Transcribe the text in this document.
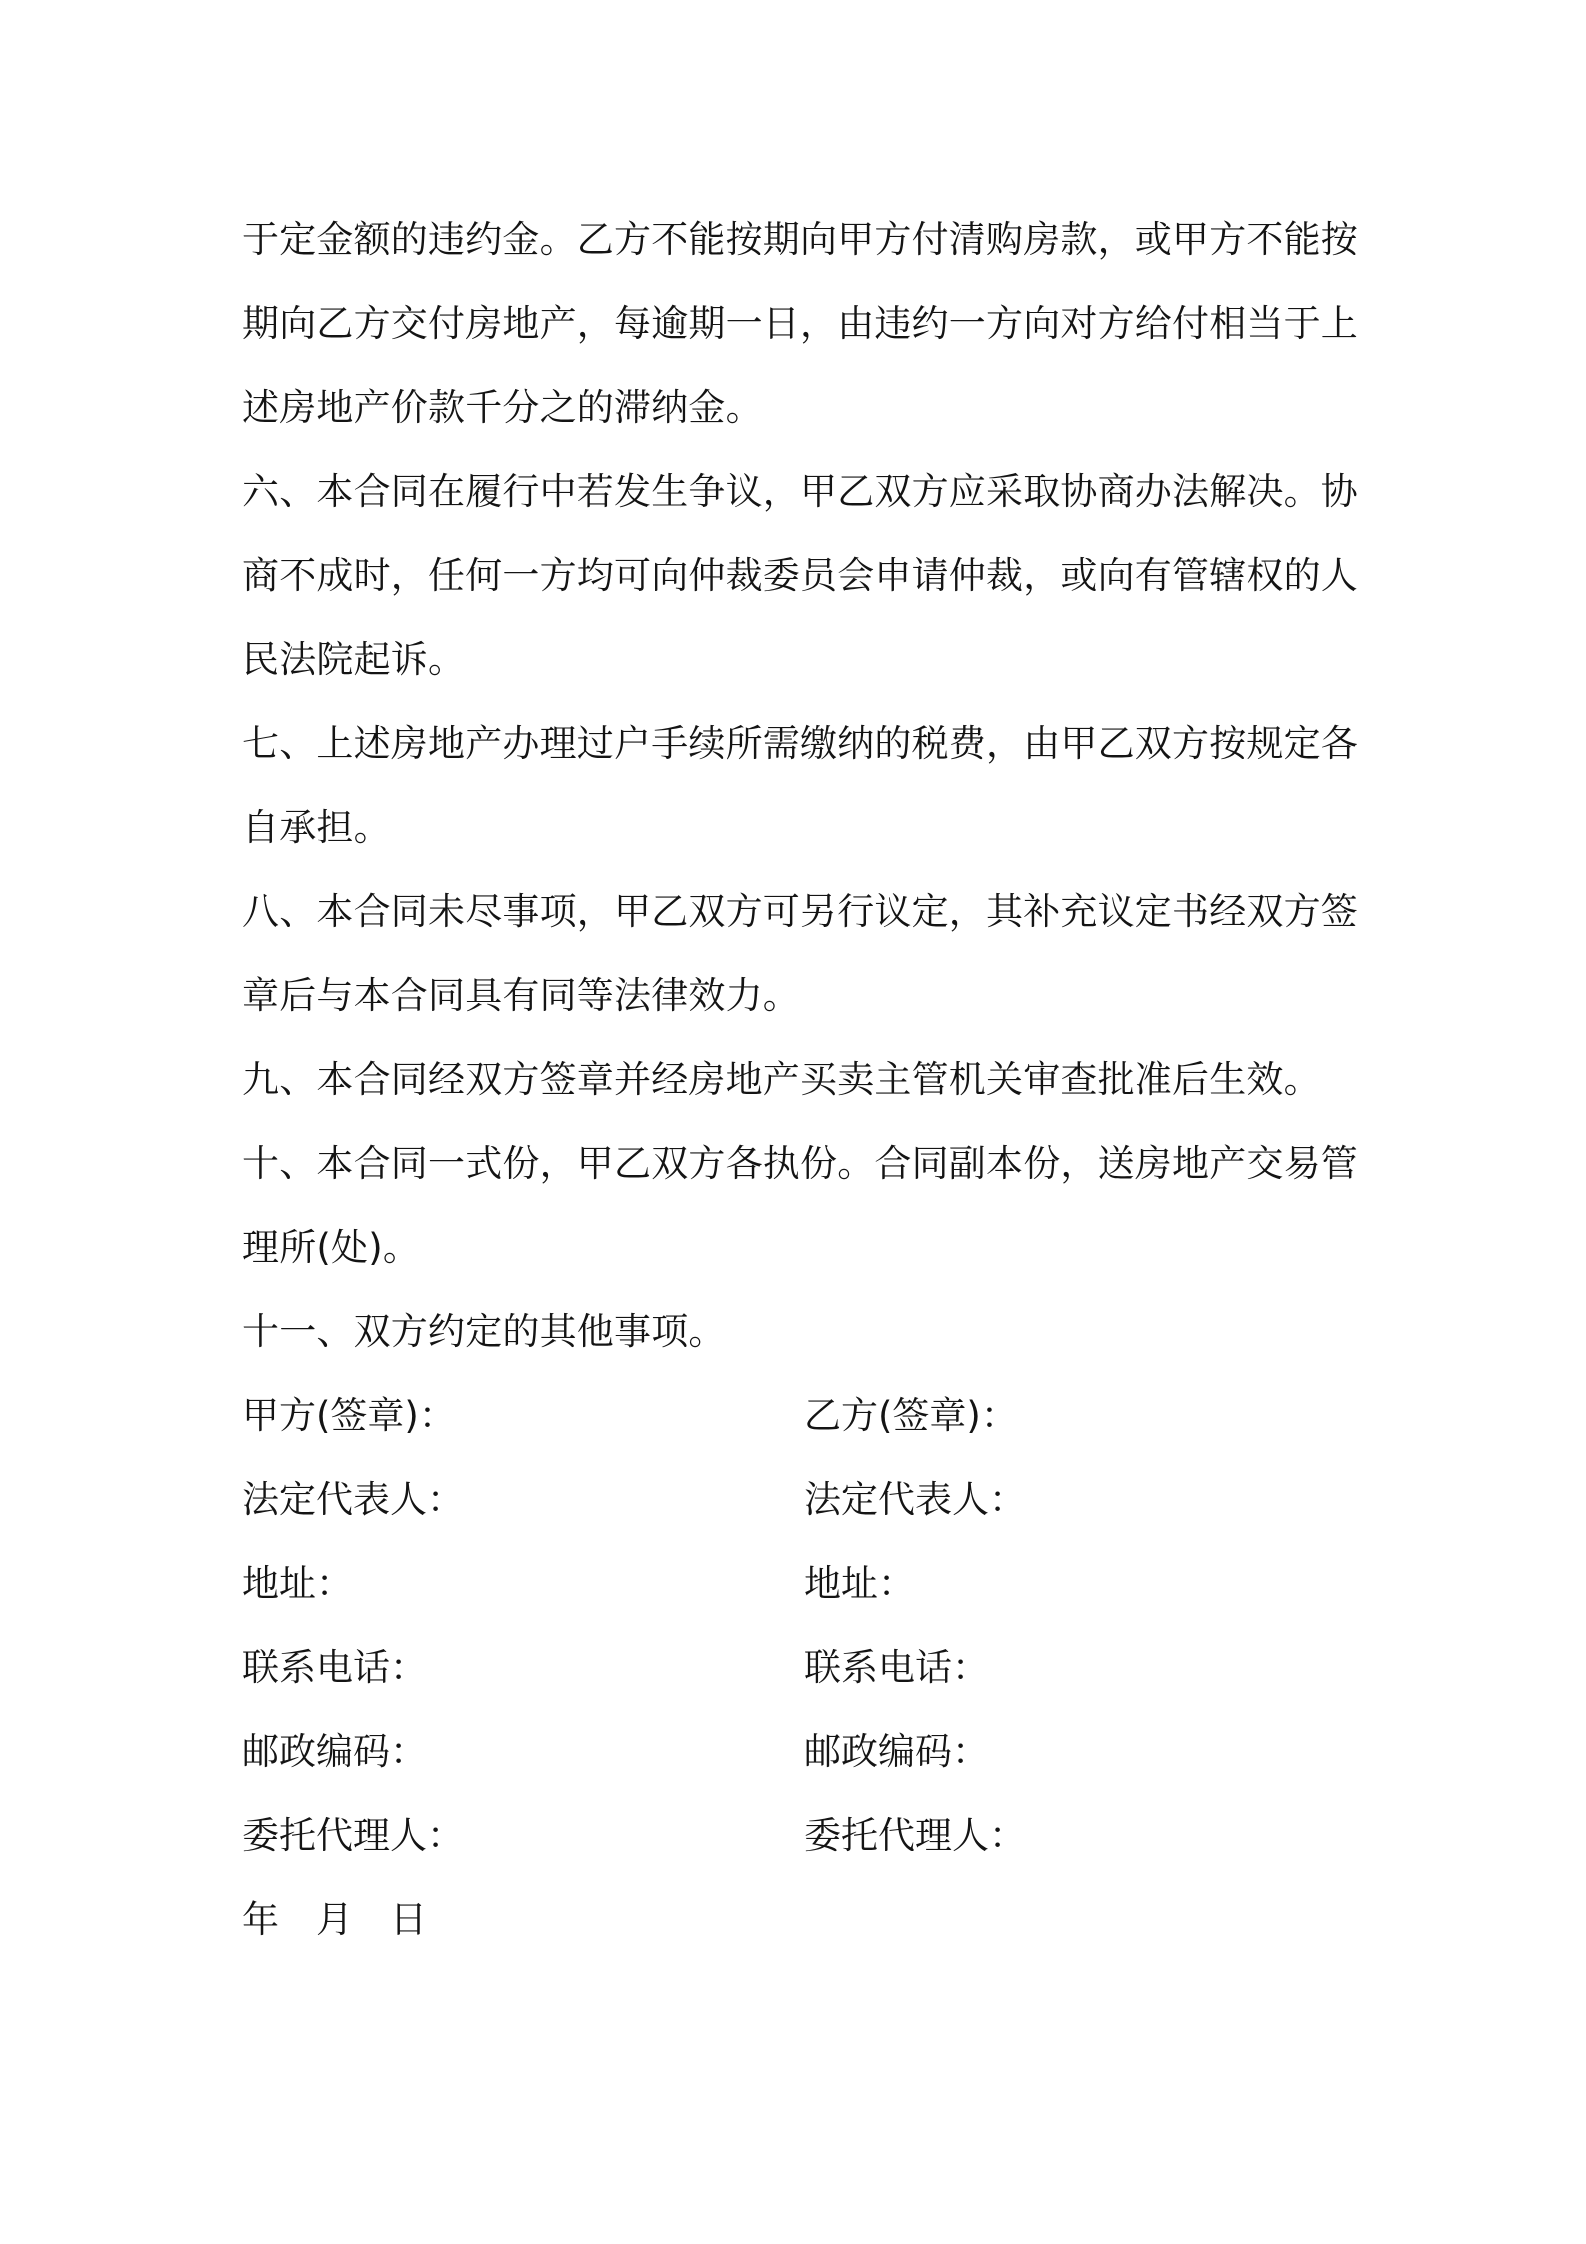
于定金额的违约金。乙方不能按期向甲方付清购房款，或甲方不能按
期向乙方交付房地产，每逾期一日，由违约一方向对方给付相当于上
述房地产价款千分之的滞纳金。
六、本合同在履行中若发生争议，甲乙双方应采取协商办法解决。协
商不成时，任何一方均可向仲裁委员会申请仲裁，或向有管辖权的人
民法院起诉。
七、上述房地产办理过户手续所需缴纳的税费，由甲乙双方按规定各
自承担。
八、本合同未尽事项，甲乙双方可另行议定，其补充议定书经双方签
章后与本合同具有同等法律效力。
九、本合同经双方签章并经房地产买卖主管机关审查批准后生效。
十、本合同一式份，甲乙双方各执份。合同副本份，送房地产交易管
理所(处)。
十一、双方约定的其他事项。
甲方(签章)：	乙方(签章)：
法定代表人：	法定代表人：
地址：	地址：
联系电话：	联系电话：
邮政编码：	邮政编码：
委托代理人：	委托代理人：
年 月 日
